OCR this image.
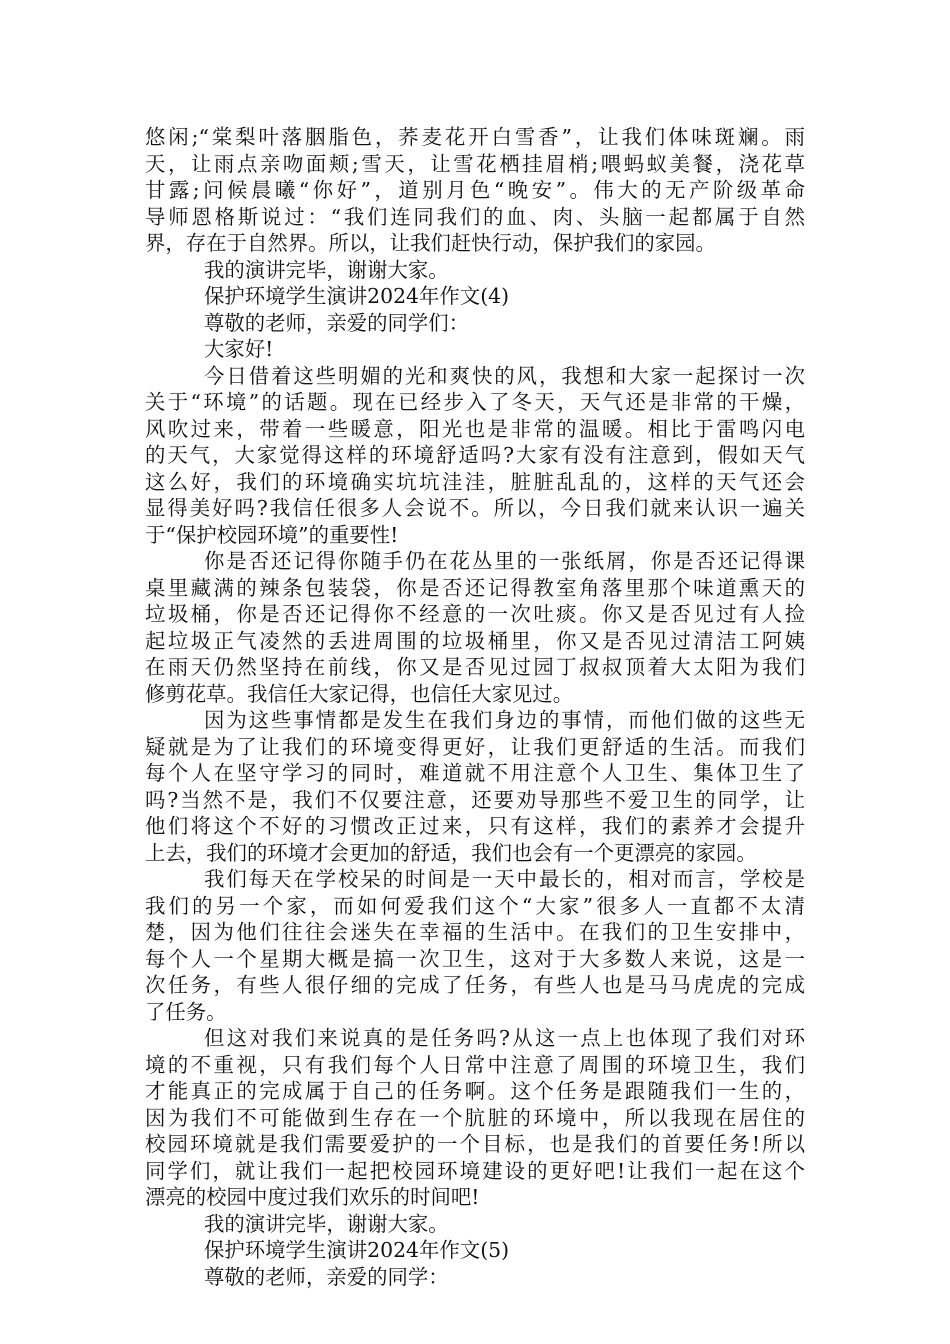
悠闲;“棠梨叶落胭脂色，荞麦花开白雪香”，让我们体味斑斓。雨
天，让雨点亲吻面颊;雪天，让雪花栖挂眉梢;喂蚂蚁美餐，浇花草
甘露;问候晨曦“你好”，道别月色“晚安”。伟大的无产阶级革命
导师恩格斯说过：“我们连同我们的血、肉、头脑一起都属于自然
界，存在于自然界。所以，让我们赶快行动，保护我们的家园。
我的演讲完毕，谢谢大家。
保护环境学生演讲2024年作文(4)
尊敬的老师，亲爱的同学们：
大家好!
今日借着这些明媚的光和爽快的风，我想和大家一起探讨一次
关于“环境”的话题。现在已经步入了冬天，天气还是非常的干燥，
风吹过来，带着一些暖意，阳光也是非常的温暖。相比于雷鸣闪电
的天气，大家觉得这样的环境舒适吗?大家有没有注意到，假如天气
这么好，我们的环境确实坑坑洼洼，脏脏乱乱的，这样的天气还会
显得美好吗?我信任很多人会说不。所以，今日我们就来认识一遍关
于“保护校园环境”的重要性!
你是否还记得你随手仍在花丛里的一张纸屑，你是否还记得课
桌里藏满的辣条包装袋，你是否还记得教室角落里那个味道熏天的
垃圾桶，你是否还记得你不经意的一次吐痰。你又是否见过有人捡
起垃圾正气凌然的丢进周围的垃圾桶里，你又是否见过清洁工阿姨
在雨天仍然坚持在前线，你又是否见过园丁叔叔顶着大太阳为我们
修剪花草。我信任大家记得，也信任大家见过。
因为这些事情都是发生在我们身边的事情，而他们做的这些无
疑就是为了让我们的环境变得更好，让我们更舒适的生活。而我们
每个人在坚守学习的同时，难道就不用注意个人卫生、集体卫生了
吗?当然不是，我们不仅要注意，还要劝导那些不爱卫生的同学，让
他们将这个不好的习惯改正过来，只有这样，我们的素养才会提升
上去，我们的环境才会更加的舒适，我们也会有一个更漂亮的家园。
我们每天在学校呆的时间是一天中最长的，相对而言，学校是
我们的另一个家，而如何爱我们这个“大家”很多人一直都不太清
楚，因为他们往往会迷失在幸福的生活中。在我们的卫生安排中，
每个人一个星期大概是搞一次卫生，这对于大多数人来说，这是一
次任务，有些人很仔细的完成了任务，有些人也是马马虎虎的完成
了任务。
但这对我们来说真的是任务吗?从这一点上也体现了我们对环
境的不重视，只有我们每个人日常中注意了周围的环境卫生，我们
才能真正的完成属于自己的任务啊。这个任务是跟随我们一生的，
因为我们不可能做到生存在一个肮脏的环境中，所以我现在居住的
校园环境就是我们需要爱护的一个目标，也是我们的首要任务!所以
同学们，就让我们一起把校园环境建设的更好吧!让我们一起在这个
漂亮的校园中度过我们欢乐的时间吧!
我的演讲完毕，谢谢大家。
保护环境学生演讲2024年作文(5)
尊敬的老师，亲爱的同学：
